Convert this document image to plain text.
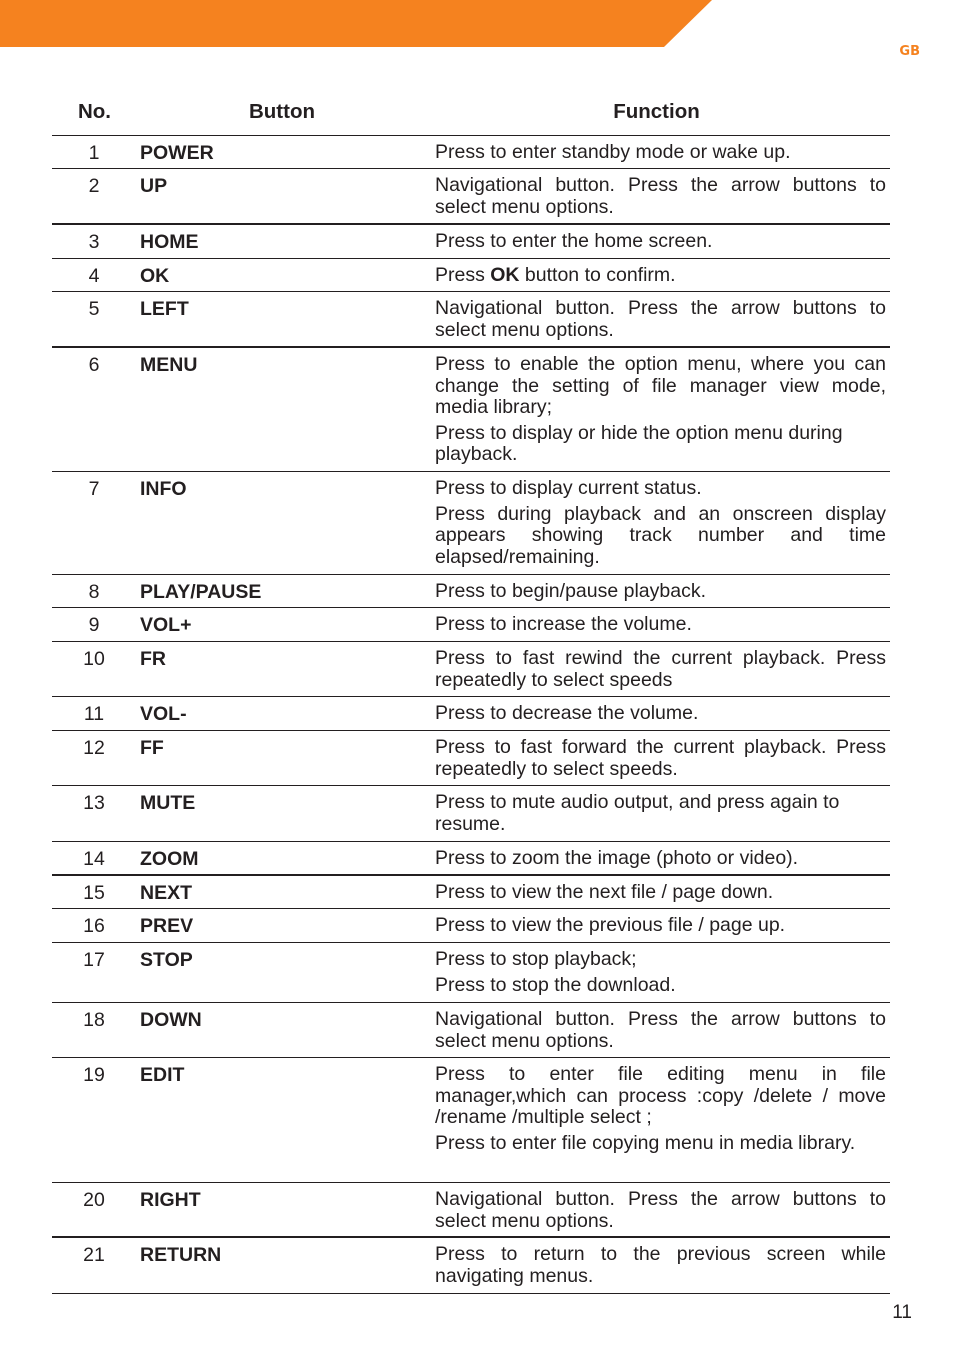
GB
No.	Button	Function
1	POWER	Press to enter standby mode or wake up.
2	UP	Navigational button. Press the arrow buttons to select menu options.
3	HOME	Press to enter the home screen.
4	OK	Press OK button to confirm.
5	LEFT	Navigational button. Press the arrow buttons to select menu options.
6	MENU	Press to enable the option menu, where you can change the setting of file manager view mode, media library;
Press to display or hide the option menu during playback.
7	INFO	Press to display current status.
Press during playback and an onscreen display appears showing track number and time elapsed/remaining.
8	PLAY/PAUSE	Press to begin/pause playback.
9	VOL+	Press to increase the volume.
10	FR	Press to fast rewind the current playback. Press repeatedly to select speeds
11	VOL-	Press to decrease the volume.
12	FF	Press to fast forward the current playback. Press repeatedly to select speeds.
13	MUTE	Press to mute audio output, and press again to resume.
14	ZOOM	Press to zoom the image (photo or video).
15	NEXT	Press to view the next file / page down.
16	PREV	Press to view the previous file / page up.
17	STOP	Press to stop playback;
Press to stop the download.
18	DOWN	Navigational button. Press the arrow buttons to select menu options.
19	EDIT	Press to enter file editing menu in file manager,which can process :copy /delete / move /rename /multiple select ;
Press to enter file copying menu in media library.
20	RIGHT	Navigational button. Press the arrow buttons to select menu options.
21	RETURN	Press to return to the previous screen while navigating menus.
11
